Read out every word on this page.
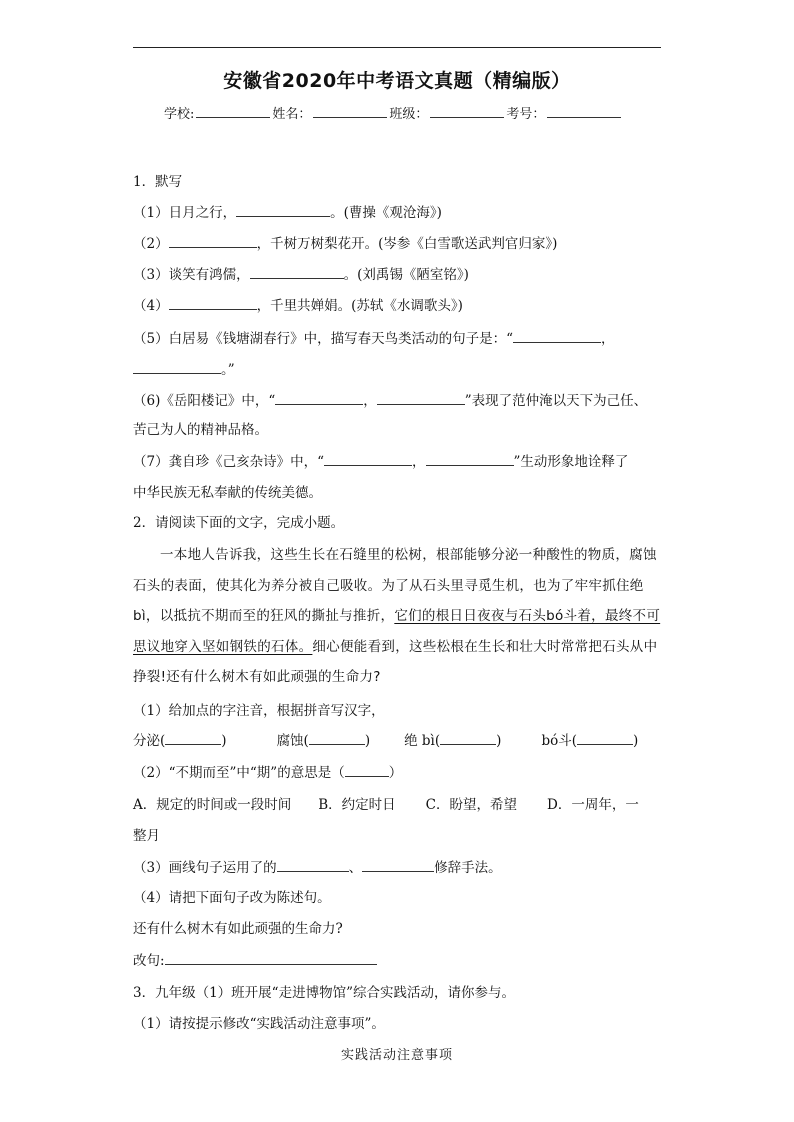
安徽省2020年中考语文真题（精编版）
学校:	姓名：	班级：	考号：
1．默写
（1）日月之行，	。(曹操《观沧海》)
（2）	，千树万树梨花开。(岑参《白雪歌送武判官归家》)
（3）谈笑有鸿儒，	。(刘禹锡《陋室铭》)
（4）	，千里共婵娟。(苏轼《水调歌头》)
（5）白居易《钱塘湖春行》中，描写春天鸟类活动的句子是：“	，
。”
（6)《岳阳楼记》中，“	，	”表现了范仲淹以天下为己任、
苦己为人的精神品格。
（7）龚自珍《己亥杂诗》中，“	，	”生动形象地诠释了
中华民族无私奉献的传统美德。
2．请阅读下面的文字，完成小题。
一本地人告诉我，这些生长在石缝里的松树，根部能够分泌一种酸性的物质，腐蚀
石头的表面，使其化为养分被自己吸收。为了从石头里寻觅生机，也为了牢牢抓住绝
bì，以抵抗不期而至的狂风的撕扯与推折，它们的根日日夜夜与石头bó斗着，最终不可
思议地穿入坚如钢铁的石体。细心便能看到，这些松根在生长和壮大时常常把石头从中
挣裂!还有什么树木有如此顽强的生命力?
（1）给加点的字注音，根据拼音写汉字，
分泌(	)	腐蚀(	)	绝 bì(	)	bó斗(	)
（2）“不期而至”中“期”的意思是（	）
A．规定的时间或一段时间 B．约定时日 C．盼望，希望 D．一周年，一
整月
（3）画线句子运用了的	、	修辞手法。
（4）请把下面句子改为陈述句。
还有什么树木有如此顽强的生命力?
改句:
3．九年级（1）班开展“走进博物馆”综合实践活动，请你参与。
（1）请按提示修改“实践活动注意事项”。
实践活动注意事项
